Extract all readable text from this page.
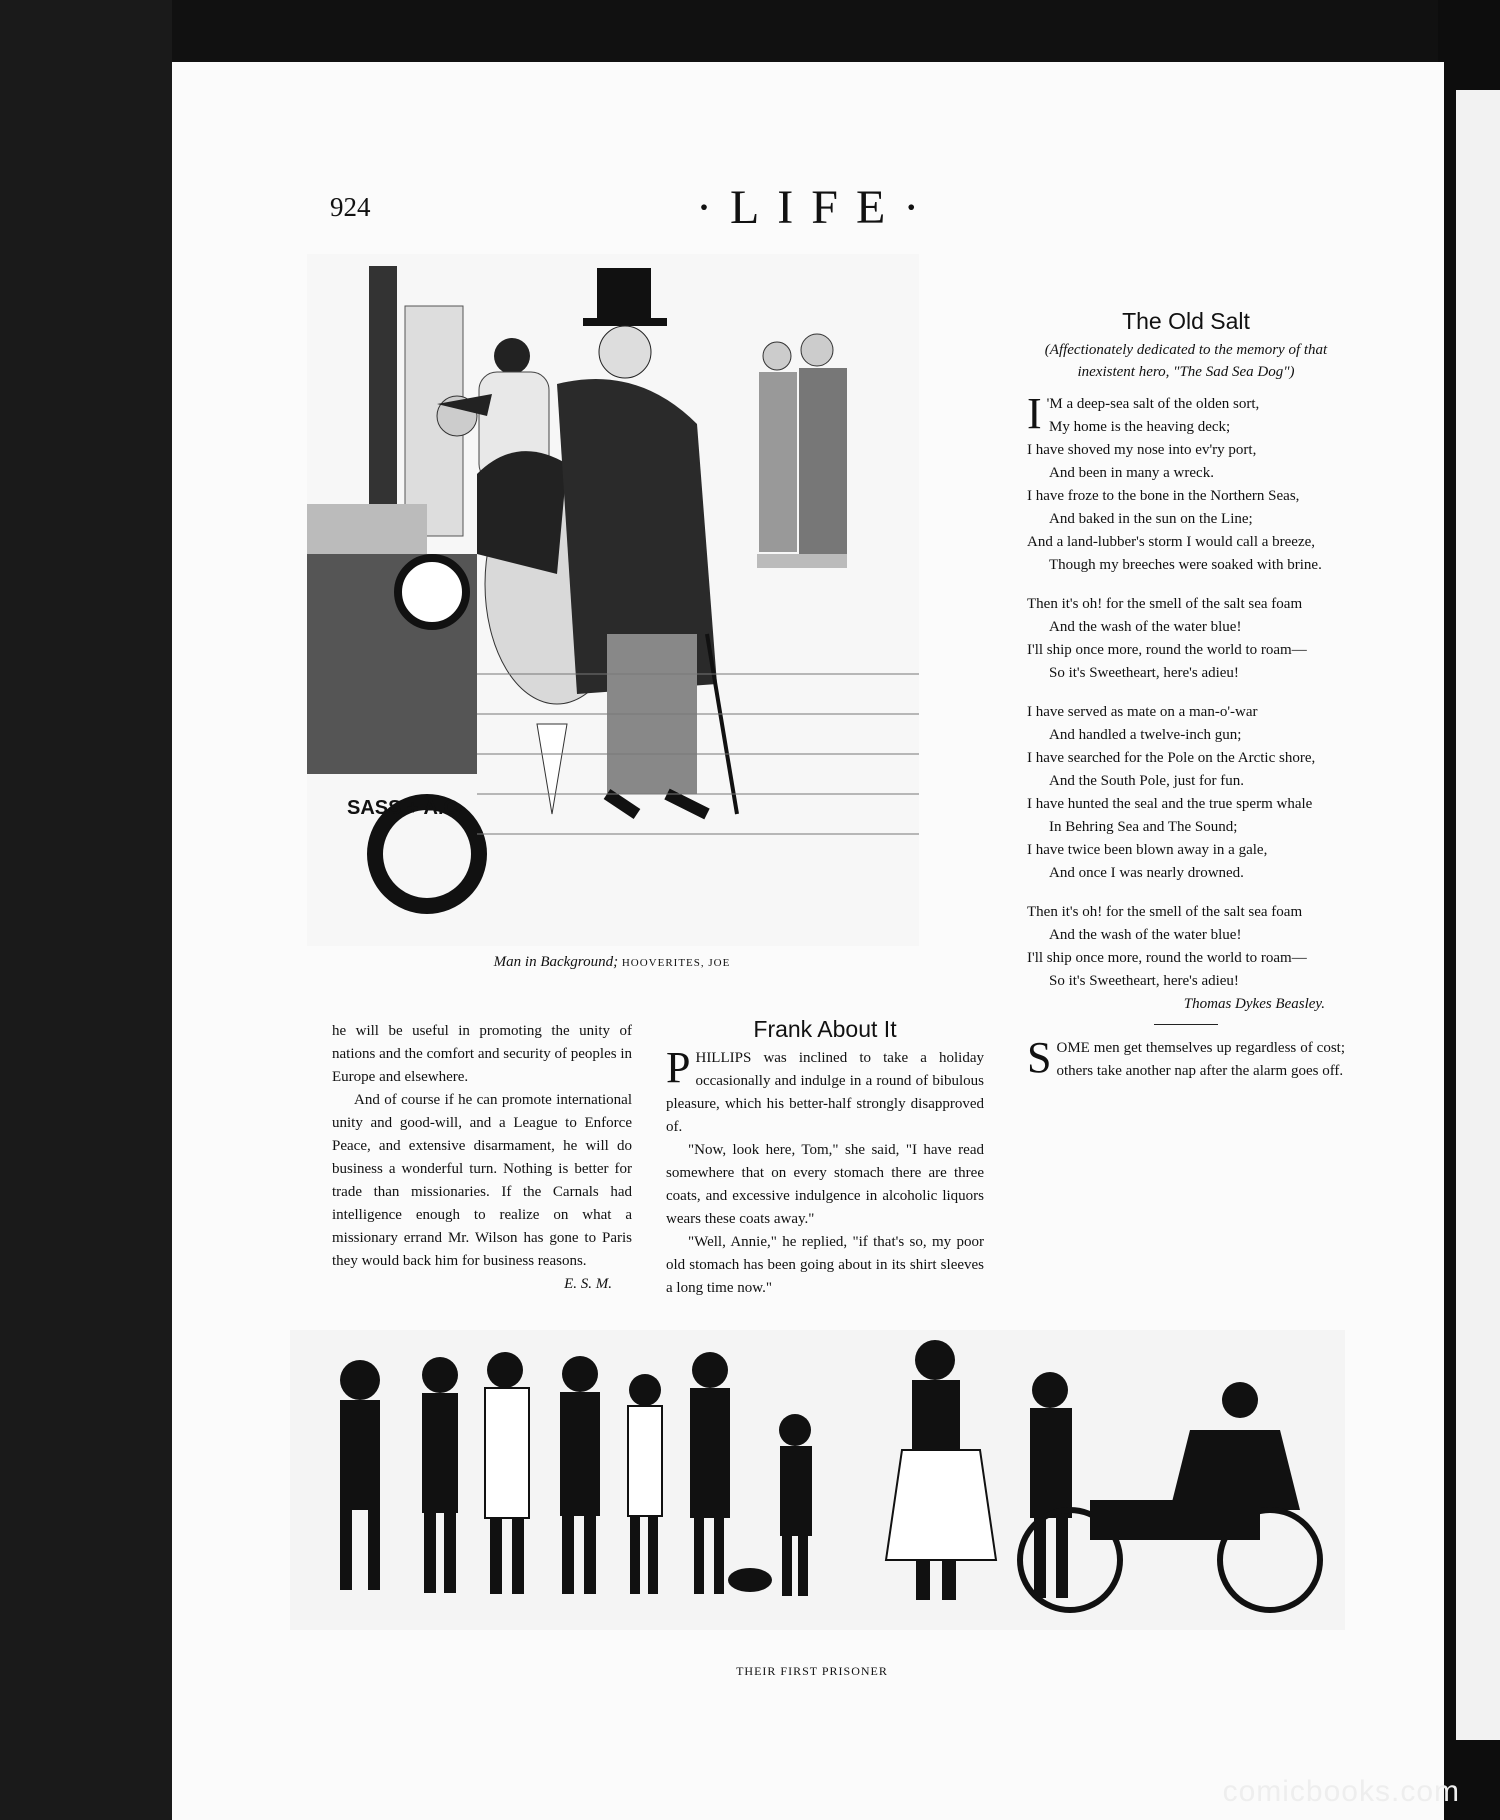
924	·LIFE·
SASS + A.C.
Man in Background; HOOVERITES, JOE

he will be useful in promoting the unity of nations and the comfort and security of peoples in Europe and elsewhere.

And of course if he can promote international unity and good-will, and a League to Enforce Peace, and extensive disarmament, he will do business a wonderful turn. Nothing is better for trade than missionaries. If the Carnals had intelligence enough to realize on what a missionary errand Mr. Wilson has gone to Paris they would back him for business reasons.

E. S. M.

Frank About It

PHILLIPS was inclined to take a holiday occasionally and indulge in a round of bibulous pleasure, which his better-half strongly disapproved of.

"Now, look here, Tom," she said, "I have read somewhere that on every stomach there are three coats, and excessive indulgence in alcoholic liquors wears these coats away."

"Well, Annie," he replied, "if that's so, my poor old stomach has been going about in its shirt sleeves a long time now."

The Old Salt
(Affectionately dedicated to the memory of that inexistent hero, "The Sad Sea Dog")
I 'M a deep-sea salt of the olden sort,
My home is the heaving deck;
I have shoved my nose into ev'ry port,
And been in many a wreck.
I have froze to the bone in the Northern Seas,
And baked in the sun on the Line;
And a land-lubber's storm I would call a breeze,
Though my breeches were soaked with brine.
Then it's oh! for the smell of the salt sea foam
And the wash of the water blue!
I'll ship once more, round the world to roam—
So it's Sweetheart, here's adieu!
I have served as mate on a man-o'-war
And handled a twelve-inch gun;
I have searched for the Pole on the Arctic shore,
And the South Pole, just for fun.
I have hunted the seal and the true sperm whale
In Behring Sea and The Sound;
I have twice been blown away in a gale,
And once I was nearly drowned.
Then it's oh! for the smell of the salt sea foam
And the wash of the water blue!
I'll ship once more, round the world to roam—
So it's Sweetheart, here's adieu!

Thomas Dykes Beasley.

SOME men get themselves up regardless of cost; others take another nap after the alarm goes off.

THEIR FIRST PRISONER
comicbooks.com
